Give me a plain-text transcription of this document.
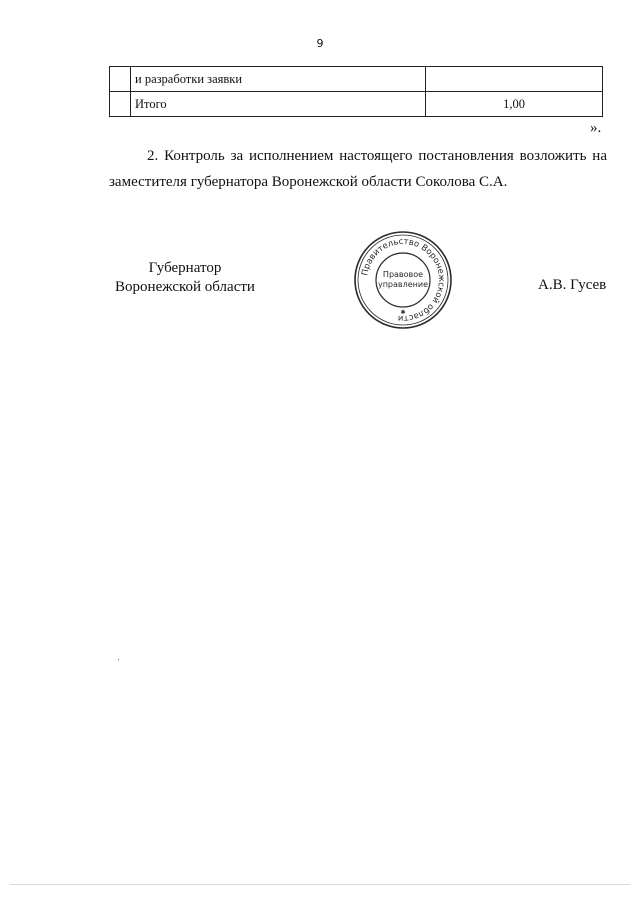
9
	и разработки заявки	
	Итого	1,00
».

2. Контроль за исполнением настоящего постановления возложить на заместителя губернатора Воронежской области Соколова С.А.

Губернатор
Воронежской области
Правительство Воронежской области
Правовое
управление
✱
А.В. Гусев
